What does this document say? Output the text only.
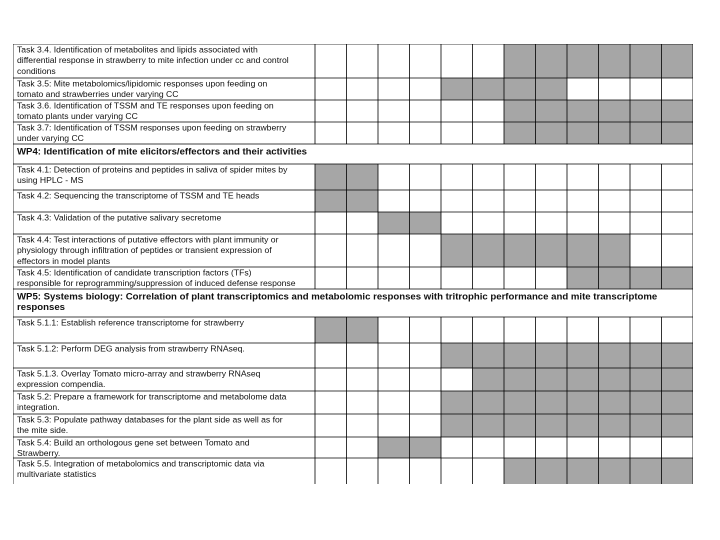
Task 3.4. Identification of metabolites and lipids associated with
differential response in strawberry to mite infection under cc and control
conditions
Task 3.5: Mite metabolomics/lipidomic responses upon feeding on
tomato and strawberries under varying CC
Task 3.6. Identification of TSSM and TE responses upon feeding on
tomato plants under varying CC
Task 3.7: Identification of TSSM responses upon feeding on strawberry
under varying CC
WP4: Identification of mite elicitors/effectors and their activities
Task 4.1: Detection of proteins and peptides in saliva of spider mites by
using HPLC - MS
Task 4.2: Sequencing the transcriptome of TSSM and TE heads
Task 4.3: Validation of the putative salivary secretome
Task 4.4: Test interactions of putative effectors with plant immunity or
physiology through infiltration of peptides or transient expression of
effectors in model plants
Task 4.5: Identification of candidate transcription factors (TFs)
responsible for reprogramming/suppression of induced defense response
WP5: Systems biology: Correlation of plant transcriptomics and metabolomic responses with tritrophic performance and mite transcriptome
responses
Task 5.1.1: Establish reference transcriptome for strawberry
Task 5.1.2: Perform DEG analysis from strawberry RNAseq.
Task 5.1.3. Overlay Tomato micro-array and strawberry RNAseq
expression compendia.
Task 5.2: Prepare a framework for transcriptome and metabolome data
integration.
Task 5.3: Populate pathway databases for the plant side as well as for
the mite side.
Task 5.4: Build an orthologous gene set between Tomato and
Strawberry.
Task 5.5. Integration of metabolomics and transcriptomic data via
multivariate statistics
